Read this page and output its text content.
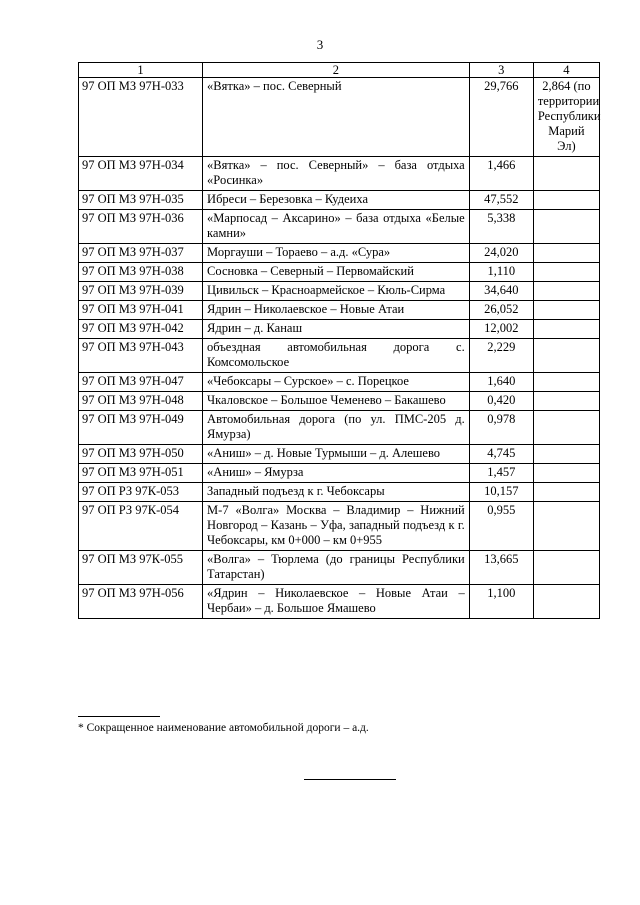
3
1	2	3	4
97 ОП МЗ 97Н-033	«Вятка» – пос. Северный	29,766	2,864 (по территории Республики Марий Эл)
97 ОП МЗ 97Н-034	«Вятка» – пос. Северный» – база отдыха «Росинка»	1,466	
97 ОП МЗ 97Н-035	Ибреси – Березовка – Кудеиха	47,552	
97 ОП МЗ 97Н-036	«Марпосад – Аксарино» – база отдыха «Белые камни»	5,338	
97 ОП МЗ 97Н-037	Моргауши – Тораево – а.д. «Сура»	24,020	
97 ОП МЗ 97Н-038	Сосновка – Северный – Первомайский	1,110	
97 ОП МЗ 97Н-039	Цивильск – Красноармейское – Кюль-Сирма	34,640	
97 ОП МЗ 97Н-041	Ядрин – Николаевское – Новые Атаи	26,052	
97 ОП МЗ 97Н-042	Ядрин – д. Канаш	12,002	
97 ОП МЗ 97Н-043	объездная автомобильная дорога с. Комсомольское	2,229	
97 ОП МЗ 97Н-047	«Чебоксары – Сурское» – с. Порецкое	1,640	
97 ОП МЗ 97Н-048	Чкаловское – Большое Чеменево – Бакашево	0,420	
97 ОП МЗ 97Н-049	Автомобильная дорога (по ул. ПМС-205 д. Ямурза)	0,978	
97 ОП МЗ 97Н-050	«Аниш» – д. Новые Турмыши – д. Алешево	4,745	
97 ОП МЗ 97Н-051	«Аниш» – Ямурза	1,457	
97 ОП РЗ 97К-053	Западный подъезд к г. Чебоксары	10,157	
97 ОП РЗ 97К-054	М-7 «Волга» Москва – Владимир – Нижний Новгород – Казань – Уфа, западный подъезд к г. Чебоксары, км 0+000 – км 0+955	0,955	
97 ОП МЗ 97К-055	«Волга» – Тюрлема (до границы Республики Татарстан)	13,665	
97 ОП МЗ 97Н-056	«Ядрин – Николаевское – Новые Атаи – Чербаи» – д. Большое Ямашево	1,100	
* Сокращенное наименование автомобильной дороги – а.д.
